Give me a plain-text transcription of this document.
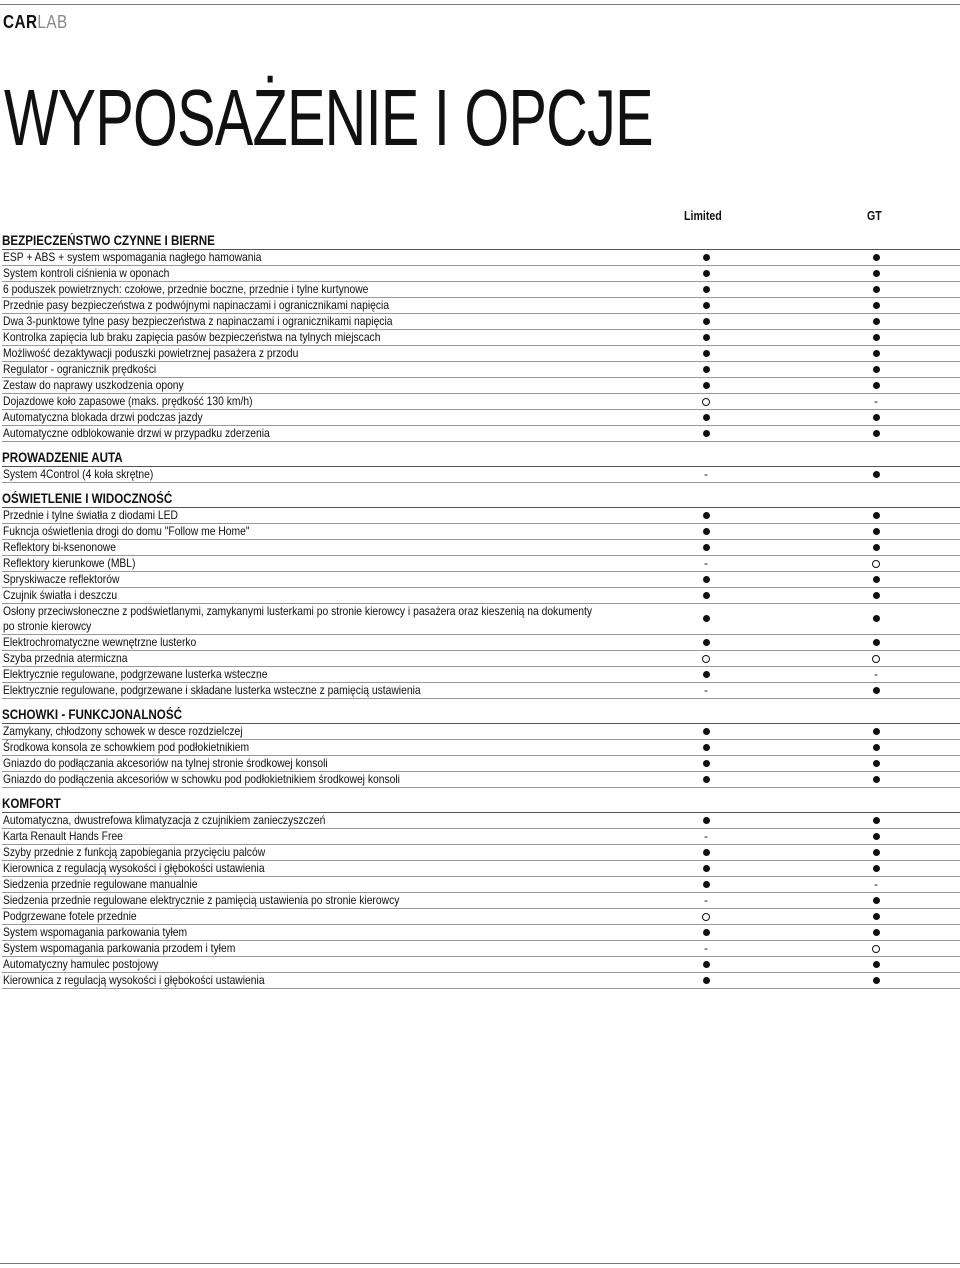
CARLAB
WYPOSAŻENIE I OPCJE
Limited	GT
BEZPIECZEŃSTWO CZYNNE I BIERNE
ESP + ABS + system wspomagania nagłego hamowania
System kontroli ciśnienia w oponach
6 poduszek powietrznych: czołowe, przednie boczne, przednie i tylne kurtynowe
Przednie pasy bezpieczeństwa z podwójnymi napinaczami i ogranicznikami napięcia
Dwa 3-punktowe tylne pasy bezpieczeństwa z napinaczami i ogranicznikami napięcia
Kontrolka zapięcia lub braku zapięcia pasów bezpieczeństwa na tylnych miejscach
Możliwość dezaktywacji poduszki powietrznej pasażera z przodu
Regulator - ogranicznik prędkości
Zestaw do naprawy uszkodzenia opony
Dojazdowe koło zapasowe (maks. prędkość 130 km/h)
-
Automatyczna blokada drzwi podczas jazdy
Automatyczne odblokowanie drzwi w przypadku zderzenia
PROWADZENIE AUTA
System 4Control (4 koła skrętne)
-
OŚWIETLENIE I WIDOCZNOŚĆ
Przednie i tylne światła z diodami LED
Fukncja oświetlenia drogi do domu "Follow me Home"
Reflektory bi-ksenonowe
Reflektory kierunkowe (MBL)
-
Spryskiwacze reflektorów
Czujnik światła i deszczu
Osłony przeciwsłoneczne z podświetlanymi, zamykanymi lusterkami po stronie kierowcy i pasażera oraz kieszenią na dokumenty po stronie kierowcy
Elektrochromatyczne wewnętrzne lusterko
Szyba przednia atermiczna
Elektrycznie regulowane, podgrzewane lusterka wsteczne
-
Elektrycznie regulowane, podgrzewane i składane lusterka wsteczne z pamięcią ustawienia
-
SCHOWKI - FUNKCJONALNOŚĆ
Zamykany, chłodzony schowek w desce rozdzielczej
Środkowa konsola ze schowkiem pod podłokietnikiem
Gniazdo do podłączania akcesoriów na tylnej stronie środkowej konsoli
Gniazdo do podłączenia akcesoriów w schowku pod podłokietnikiem środkowej konsoli
KOMFORT
Automatyczna, dwustrefowa klimatyzacja z czujnikiem zanieczyszczeń
Karta Renault Hands Free
-
Szyby przednie z funkcją zapobiegania przycięciu palców
Kierownica z regulacją wysokości i głębokości ustawienia
Siedzenia przednie regulowane manualnie
-
Siedzenia przednie regulowane elektrycznie z pamięcią ustawienia po stronie kierowcy
-
Podgrzewane fotele przednie
System wspomagania parkowania tyłem
System wspomagania parkowania przodem i tyłem
-
Automatyczny hamulec postojowy
Kierownica z regulacją wysokości i głębokości ustawienia
